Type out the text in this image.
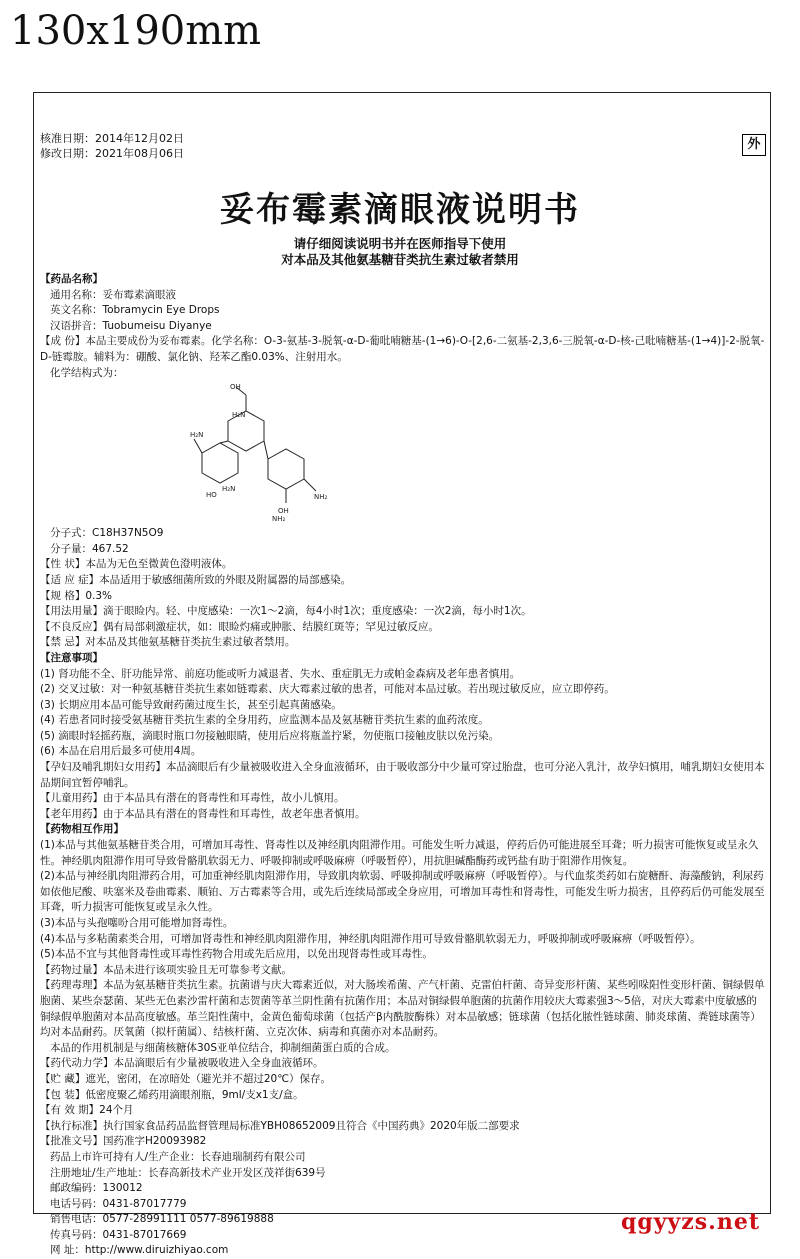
130x190mm
核准日期：2014年12月02日
修改日期：2021年08月06日
外
妥布霉素滴眼液说明书
请仔细阅读说明书并在医师指导下使用
对本品及其他氨基糖苷类抗生素过敏者禁用

【药品名称】

通用名称：妥布霉素滴眼液

英文名称：Tobramycin Eye Drops

汉语拼音：Tuobumeisu Diyanye

【成 份】本品主要成份为妥布霉素。化学名称：O-3-氨基-3-脱氧-α-D-葡吡喃糖基-(1→6)-O-[2,6-二氨基-2,3,6-三脱氧-α-D-核-己吡喃糖基-(1→4)]-2-脱氧-D-链霉胺。辅料为：硼酸、氯化钠、羟苯乙酯0.03%、注射用水。

化学结构式为：

OH
H₂N
H₂N
HO
H₂N
OH
NH₂
NH₂

分子式：C18H37N5O9

分子量：467.52

【性 状】本品为无色至微黄色澄明液体。

【适 应 症】本品适用于敏感细菌所致的外眼及附属器的局部感染。

【规 格】0.3%

【用法用量】滴于眼睑内。轻、中度感染：一次1～2滴，每4小时1次；重度感染：一次2滴，每小时1次。

【不良反应】偶有局部刺激症状，如：眼睑灼痛或肿胀、结膜红斑等；罕见过敏反应。

【禁 忌】对本品及其他氨基糖苷类抗生素过敏者禁用。

【注意事项】

(1) 肾功能不全、肝功能异常、前庭功能或听力减退者、失水、重症肌无力或帕金森病及老年患者慎用。

(2) 交叉过敏：对一种氨基糖苷类抗生素如链霉素、庆大霉素过敏的患者，可能对本品过敏。若出现过敏反应，应立即停药。

(3) 长期应用本品可能导致耐药菌过度生长，甚至引起真菌感染。

(4) 若患者同时接受氨基糖苷类抗生素的全身用药，应监测本品及氨基糖苷类抗生素的血药浓度。

(5) 滴眼时轻摇药瓶，滴眼时瓶口勿接触眼睛，使用后应将瓶盖拧紧，勿使瓶口接触皮肤以免污染。

(6) 本品在启用后最多可使用4周。

【孕妇及哺乳期妇女用药】本品滴眼后有少量被吸收进入全身血液循环，由于吸收部分中少量可穿过胎盘，也可分泌入乳汁，故孕妇慎用，哺乳期妇女使用本品期间宜暂停哺乳。

【儿童用药】由于本品具有潜在的肾毒性和耳毒性，故小儿慎用。

【老年用药】由于本品具有潜在的肾毒性和耳毒性，故老年患者慎用。

【药物相互作用】

(1)本品与其他氨基糖苷类合用，可增加耳毒性、肾毒性以及神经肌肉阻滞作用。可能发生听力减退，停药后仍可能进展至耳聋；听力损害可能恢复或呈永久性。神经肌肉阻滞作用可导致骨骼肌软弱无力、呼吸抑制或呼吸麻痹（呼吸暂停），用抗胆碱酯酶药或钙盐有助于阻滞作用恢复。

(2)本品与神经肌肉阻滞药合用，可加重神经肌肉阻滞作用，导致肌肉软弱、呼吸抑制或呼吸麻痹（呼吸暂停）。与代血浆类药如右旋糖酐、海藻酸钠，利尿药如依他尼酸、呋塞米及卷曲霉素、顺铂、万古霉素等合用，或先后连续局部或全身应用，可增加耳毒性和肾毒性，可能发生听力损害，且停药后仍可能发展至耳聋，听力损害可能恢复或呈永久性。

(3)本品与头孢噻吩合用可能增加肾毒性。

(4)本品与多粘菌素类合用，可增加肾毒性和神经肌肉阻滞作用，神经肌肉阻滞作用可导致骨骼肌软弱无力，呼吸抑制或呼吸麻痹（呼吸暂停）。

(5)本品不宜与其他肾毒性或耳毒性药物合用或先后应用，以免出现肾毒性或耳毒性。

【药物过量】本品未进行该项实验且无可靠参考文献。

【药理毒理】本品为氨基糖苷类抗生素。抗菌谱与庆大霉素近似，对大肠埃希菌、产气杆菌、克雷伯杆菌、奇异变形杆菌、某些吲哚阳性变形杆菌、铜绿假单胞菌、某些奈瑟菌、某些无色素沙雷杆菌和志贺菌等革兰阴性菌有抗菌作用；本品对铜绿假单胞菌的抗菌作用较庆大霉素强3～5倍，对庆大霉素中度敏感的铜绿假单胞菌对本品高度敏感。革兰阳性菌中，金黄色葡萄球菌（包括产β内酰胺酶株）对本品敏感；链球菌（包括化脓性链球菌、肺炎球菌、粪链球菌等）均对本品耐药。厌氧菌（拟杆菌属）、结核杆菌、立克次体、病毒和真菌亦对本品耐药。

本品的作用机制是与细菌核糖体30S亚单位结合，抑制细菌蛋白质的合成。

【药代动力学】本品滴眼后有少量被吸收进入全身血液循环。

【贮 藏】遮光，密闭，在凉暗处（避光并不超过20℃）保存。

【包 装】低密度聚乙烯药用滴眼剂瓶，9ml/支x1支/盒。

【有 效 期】24个月

【执行标准】执行国家食品药品监督管理局标准YBH08652009且符合《中国药典》2020年版二部要求

【批准文号】国药准字H20093982

药品上市许可持有人/生产企业：长春迪瑞制药有限公司

注册地址/生产地址：长春高新技术产业开发区茂祥街639号

邮政编码：130012

电话号码：0431-87017779

销售电话：0577-28991111 0577-89619888

传真号码：0431-87017669

网 址：http://www.diruizhiyao.com

qgyyzs.net
